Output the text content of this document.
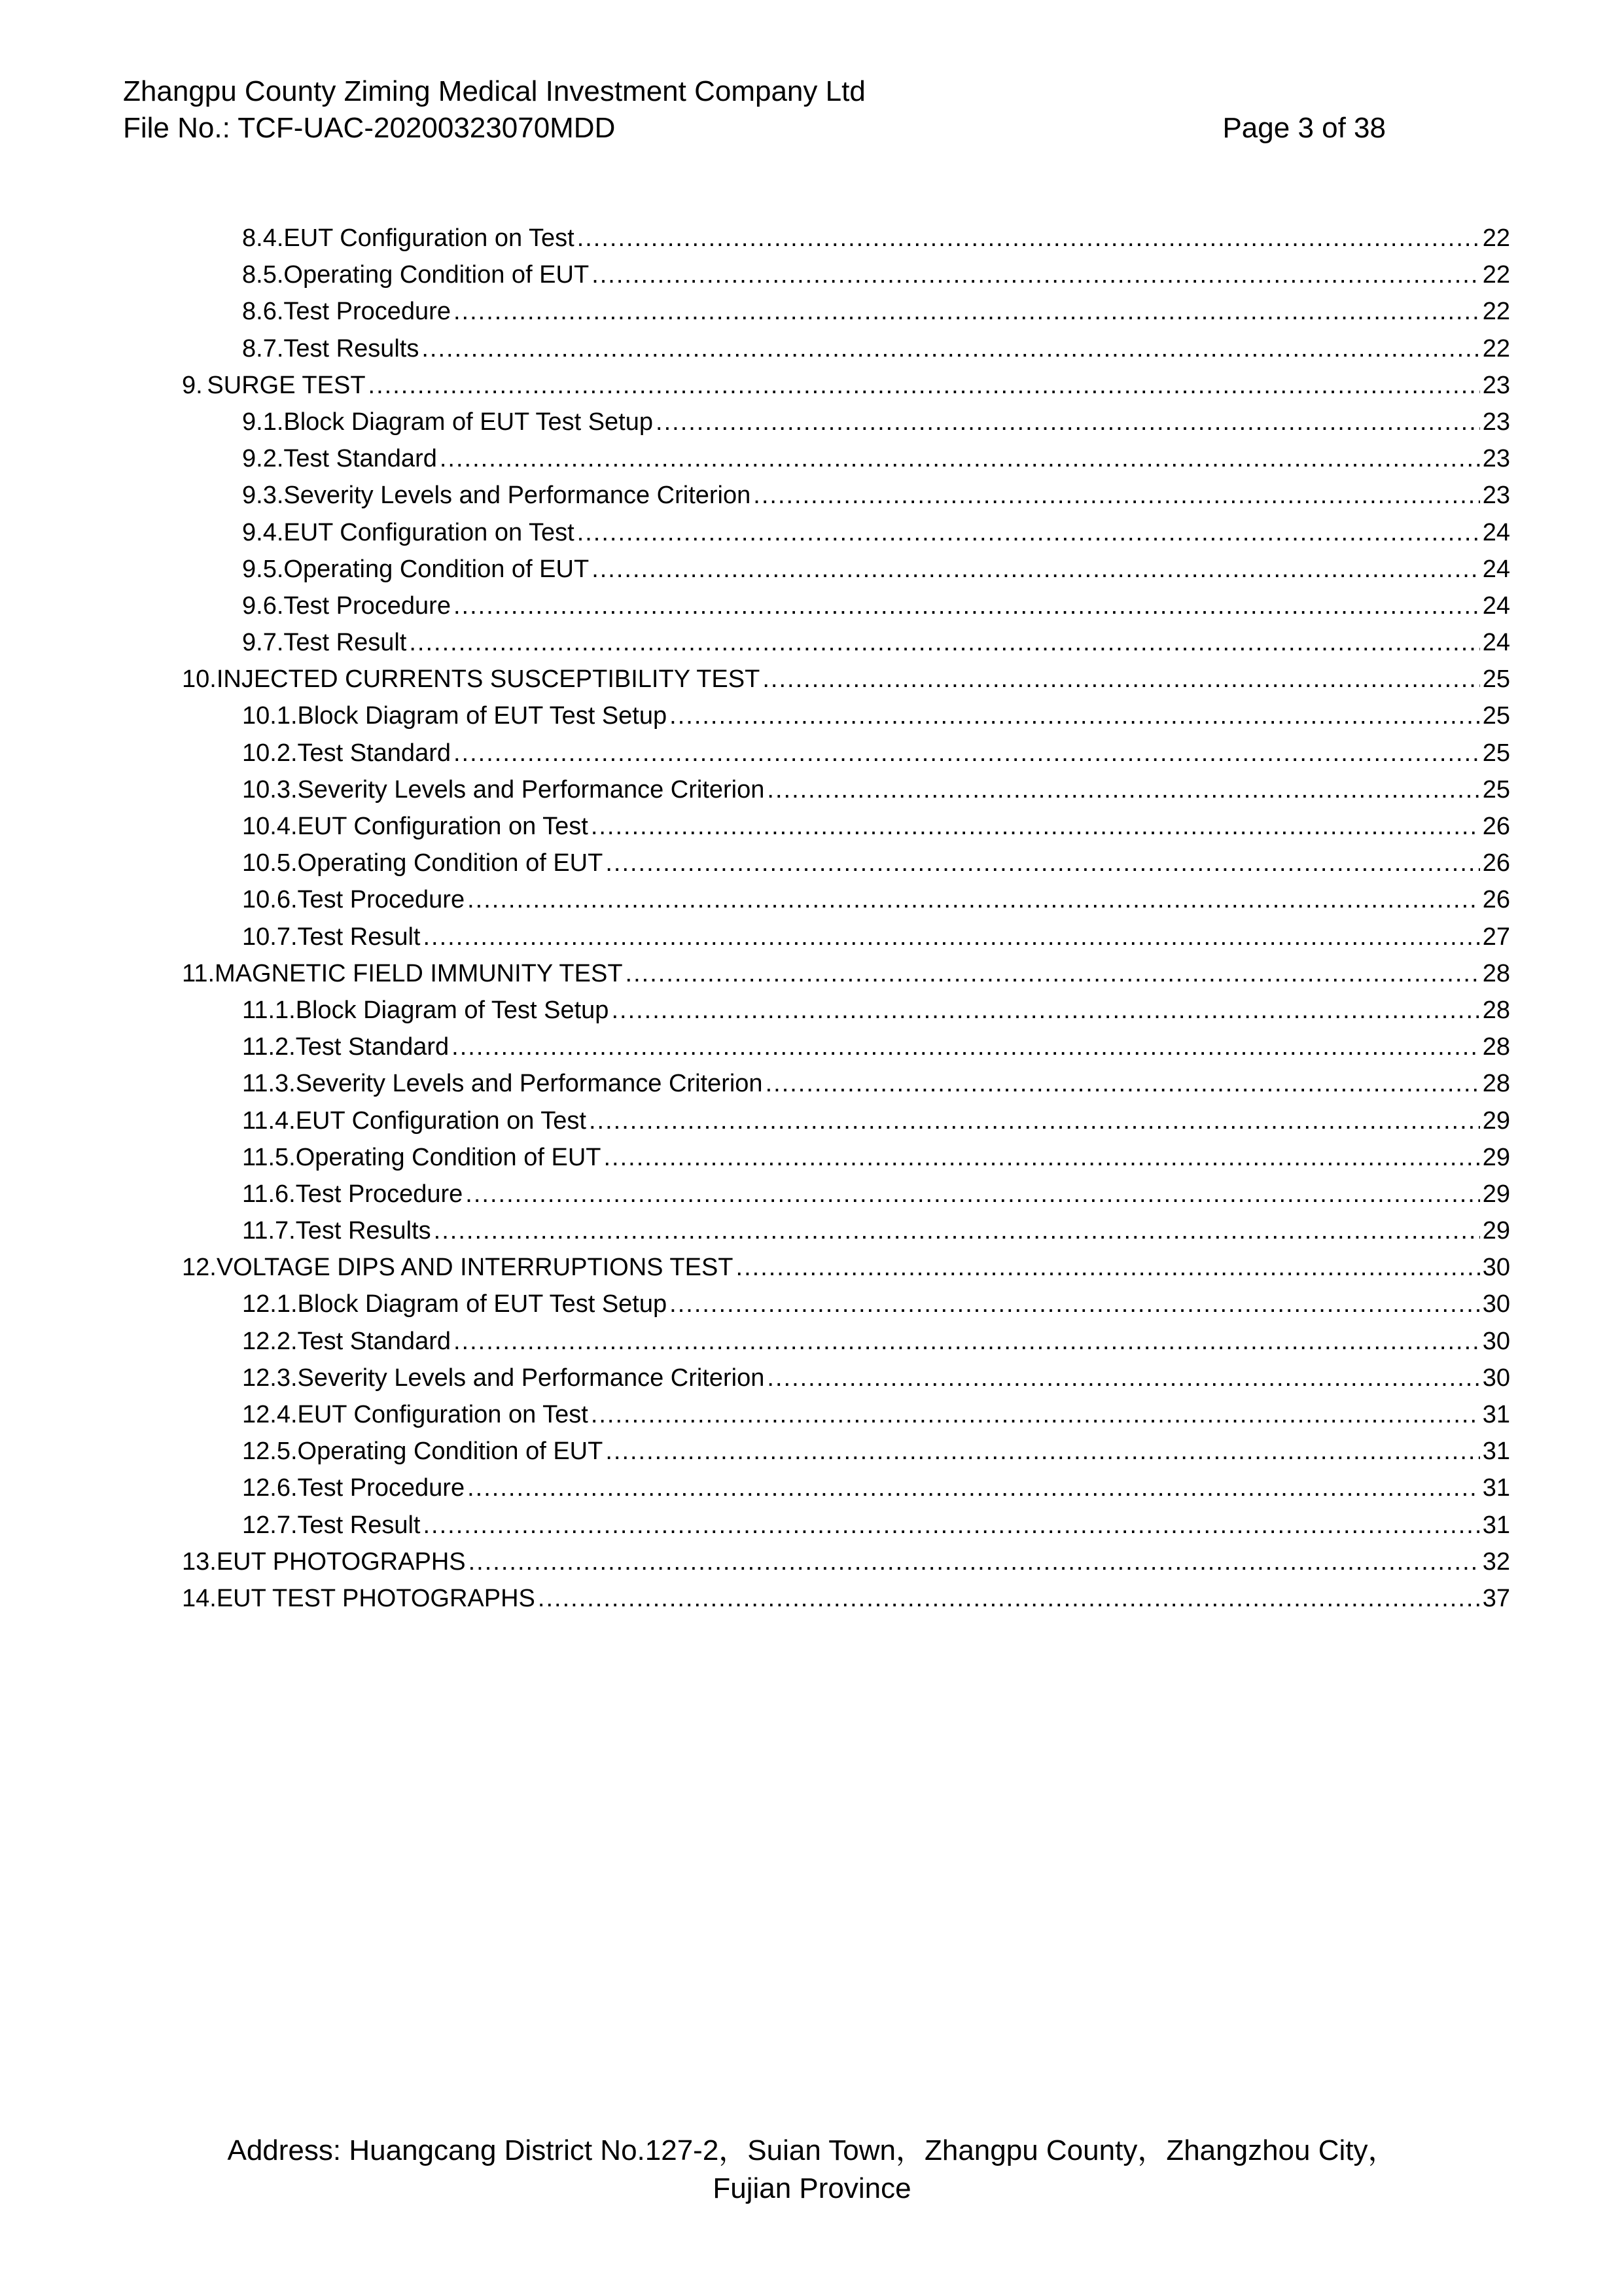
Zhangpu County Ziming Medical Investment Company Ltd
File No.: TCF-UAC-20200323070MDD	Page 3 of 38
8.4.EUT Configuration on Test .....	22
8.5.Operating Condition of EUT .....	22
8.6.Test Procedure .....	22
8.7.Test Results .....	22
9. SURGE TEST .....	23
9.1.Block Diagram of EUT Test Setup .....	23
9.2.Test Standard .....	23
9.3.Severity Levels and Performance Criterion .....	23
9.4.EUT Configuration on Test .....	24
9.5.Operating Condition of EUT .....	24
9.6.Test Procedure .....	24
9.7.Test Result .....	24
10.INJECTED CURRENTS SUSCEPTIBILITY TEST .....	25
10.1.Block Diagram of EUT Test Setup .....	25
10.2.Test Standard .....	25
10.3.Severity Levels and Performance Criterion .....	25
10.4.EUT Configuration on Test .....	26
10.5.Operating Condition of EUT .....	26
10.6.Test Procedure .....	26
10.7.Test Result .....	27
11.MAGNETIC FIELD IMMUNITY TEST .....	28
11.1.Block Diagram of Test Setup .....	28
11.2.Test Standard .....	28
11.3.Severity Levels and Performance Criterion .....	28
11.4.EUT Configuration on Test .....	29
11.5.Operating Condition of EUT .....	29
11.6.Test Procedure .....	29
11.7.Test Results .....	29
12.VOLTAGE DIPS AND INTERRUPTIONS TEST .....	30
12.1.Block Diagram of EUT Test Setup .....	30
12.2.Test Standard .....	30
12.3.Severity Levels and Performance Criterion .....	30
12.4.EUT Configuration on Test .....	31
12.5.Operating Condition of EUT .....	31
12.6.Test Procedure .....	31
12.7.Test Result .....	31
13.EUT PHOTOGRAPHS .....	32
14.EUT TEST PHOTOGRAPHS .....	37
Address: Huangcang District No.127-2，Suian Town，Zhangpu County，Zhangzhou City，
Fujian Province
